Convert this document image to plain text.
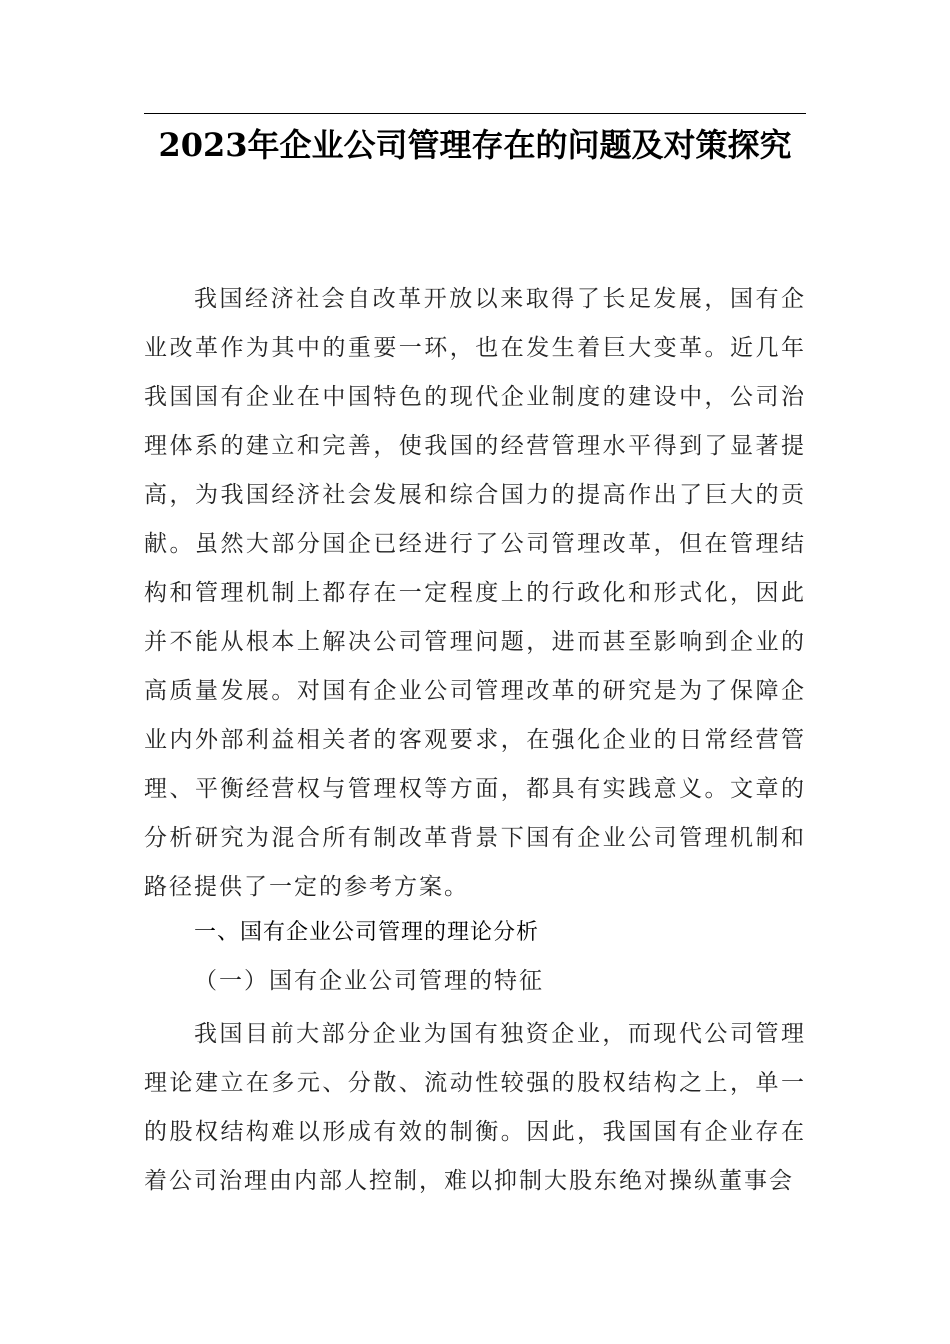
2023年企业公司管理存在的问题及对策探究

我国经济社会自改革开放以来取得了长足发展，国有企业改革作为其中的重要一环，也在发生着巨大变革。近几年我国国有企业在中国特色的现代企业制度的建设中，公司治理体系的建立和完善，使我国的经营管理水平得到了显著提高，为我国经济社会发展和综合国力的提高作出了巨大的贡献。虽然大部分国企已经进行了公司管理改革，但在管理结构和管理机制上都存在一定程度上的行政化和形式化，因此并不能从根本上解决公司管理问题，进而甚至影响到企业的高质量发展。对国有企业公司管理改革的研究是为了保障企业内外部利益相关者的客观要求，在强化企业的日常经营管理、平衡经营权与管理权等方面，都具有实践意义。文章的分析研究为混合所有制改革背景下国有企业公司管理机制和路径提供了一定的参考方案。

一、国有企业公司管理的理论分析

（一）国有企业公司管理的特征

我国目前大部分企业为国有独资企业，而现代公司管理理论建立在多元、分散、流动性较强的股权结构之上，单一的股权结构难以形成有效的制衡。因此，我国国有企业存在着公司治理由内部人控制，难以抑制大股东绝对操纵董事会
